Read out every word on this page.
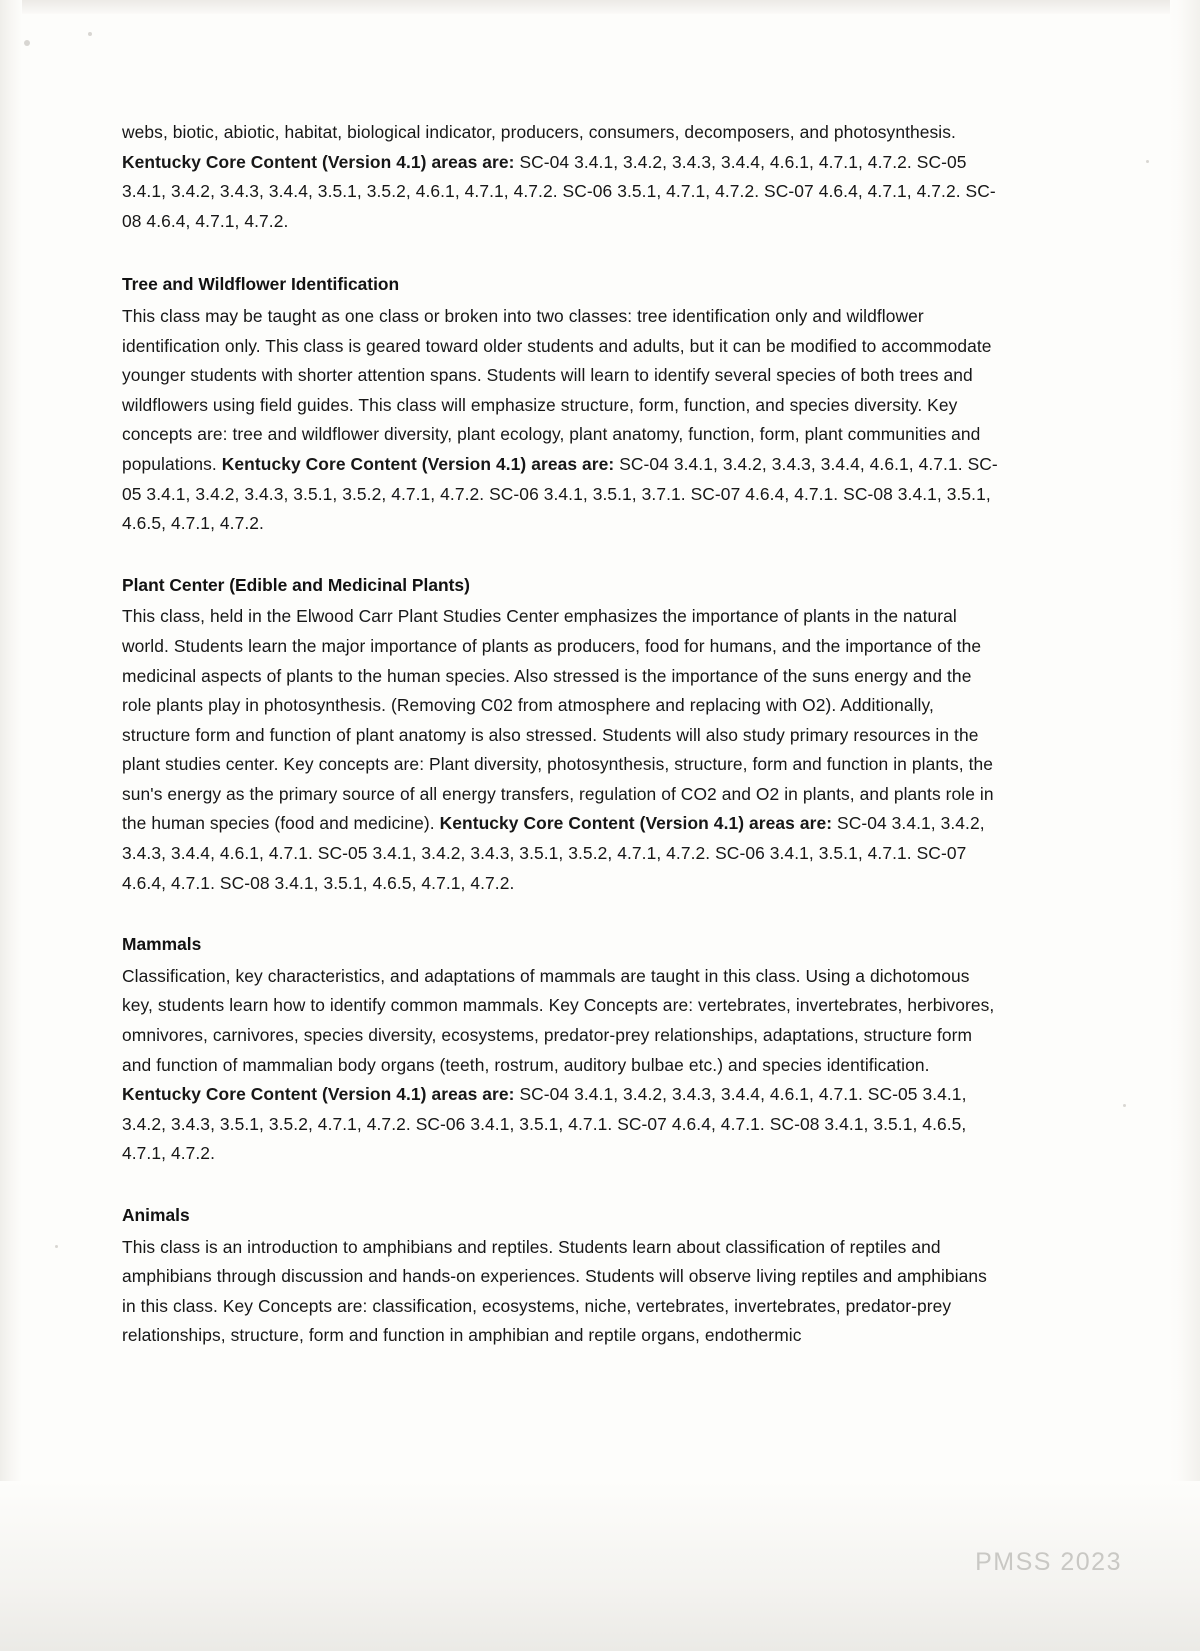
webs, biotic, abiotic, habitat, biological indicator, producers, consumers, decomposers, and photosynthesis. Kentucky Core Content (Version 4.1) areas are: SC-04 3.4.1, 3.4.2, 3.4.3, 3.4.4, 4.6.1, 4.7.1, 4.7.2. SC-05 3.4.1, 3.4.2, 3.4.3, 3.4.4, 3.5.1, 3.5.2, 4.6.1, 4.7.1, 4.7.2. SC-06 3.5.1, 4.7.1, 4.7.2. SC-07 4.6.4, 4.7.1, 4.7.2. SC-08 4.6.4, 4.7.1, 4.7.2.

Tree and Wildflower Identification

This class may be taught as one class or broken into two classes: tree identification only and wildflower identification only. This class is geared toward older students and adults, but it can be modified to accommodate younger students with shorter attention spans. Students will learn to identify several species of both trees and wildflowers using field guides. This class will emphasize structure, form, function, and species diversity. Key concepts are: tree and wildflower diversity, plant ecology, plant anatomy, function, form, plant communities and populations. Kentucky Core Content (Version 4.1) areas are: SC-04 3.4.1, 3.4.2, 3.4.3, 3.4.4, 4.6.1, 4.7.1. SC-05 3.4.1, 3.4.2, 3.4.3, 3.5.1, 3.5.2, 4.7.1, 4.7.2. SC-06 3.4.1, 3.5.1, 3.7.1. SC-07 4.6.4, 4.7.1. SC-08 3.4.1, 3.5.1, 4.6.5, 4.7.1, 4.7.2.

Plant Center (Edible and Medicinal Plants)

This class, held in the Elwood Carr Plant Studies Center emphasizes the importance of plants in the natural world. Students learn the major importance of plants as producers, food for humans, and the importance of the medicinal aspects of plants to the human species. Also stressed is the importance of the suns energy and the role plants play in photosynthesis. (Removing C02 from atmosphere and replacing with O2). Additionally, structure form and function of plant anatomy is also stressed. Students will also study primary resources in the plant studies center. Key concepts are: Plant diversity, photosynthesis, structure, form and function in plants, the sun's energy as the primary source of all energy transfers, regulation of CO2 and O2 in plants, and plants role in the human species (food and medicine). Kentucky Core Content (Version 4.1) areas are: SC-04 3.4.1, 3.4.2, 3.4.3, 3.4.4, 4.6.1, 4.7.1. SC-05 3.4.1, 3.4.2, 3.4.3, 3.5.1, 3.5.2, 4.7.1, 4.7.2. SC-06 3.4.1, 3.5.1, 4.7.1. SC-07 4.6.4, 4.7.1. SC-08 3.4.1, 3.5.1, 4.6.5, 4.7.1, 4.7.2.

Mammals

Classification, key characteristics, and adaptations of mammals are taught in this class. Using a dichotomous key, students learn how to identify common mammals. Key Concepts are: vertebrates, invertebrates, herbivores, omnivores, carnivores, species diversity, ecosystems, predator-prey relationships, adaptations, structure form and function of mammalian body organs (teeth, rostrum, auditory bulbae etc.) and species identification. Kentucky Core Content (Version 4.1) areas are: SC-04 3.4.1, 3.4.2, 3.4.3, 3.4.4, 4.6.1, 4.7.1. SC-05 3.4.1, 3.4.2, 3.4.3, 3.5.1, 3.5.2, 4.7.1, 4.7.2. SC-06 3.4.1, 3.5.1, 4.7.1. SC-07 4.6.4, 4.7.1. SC-08 3.4.1, 3.5.1, 4.6.5, 4.7.1, 4.7.2.

Animals

This class is an introduction to amphibians and reptiles. Students learn about classification of reptiles and amphibians through discussion and hands-on experiences. Students will observe living reptiles and amphibians in this class. Key Concepts are: classification, ecosystems, niche, vertebrates, invertebrates, predator-prey relationships, structure, form and function in amphibian and reptile organs, endothermic

PMSS 2023
